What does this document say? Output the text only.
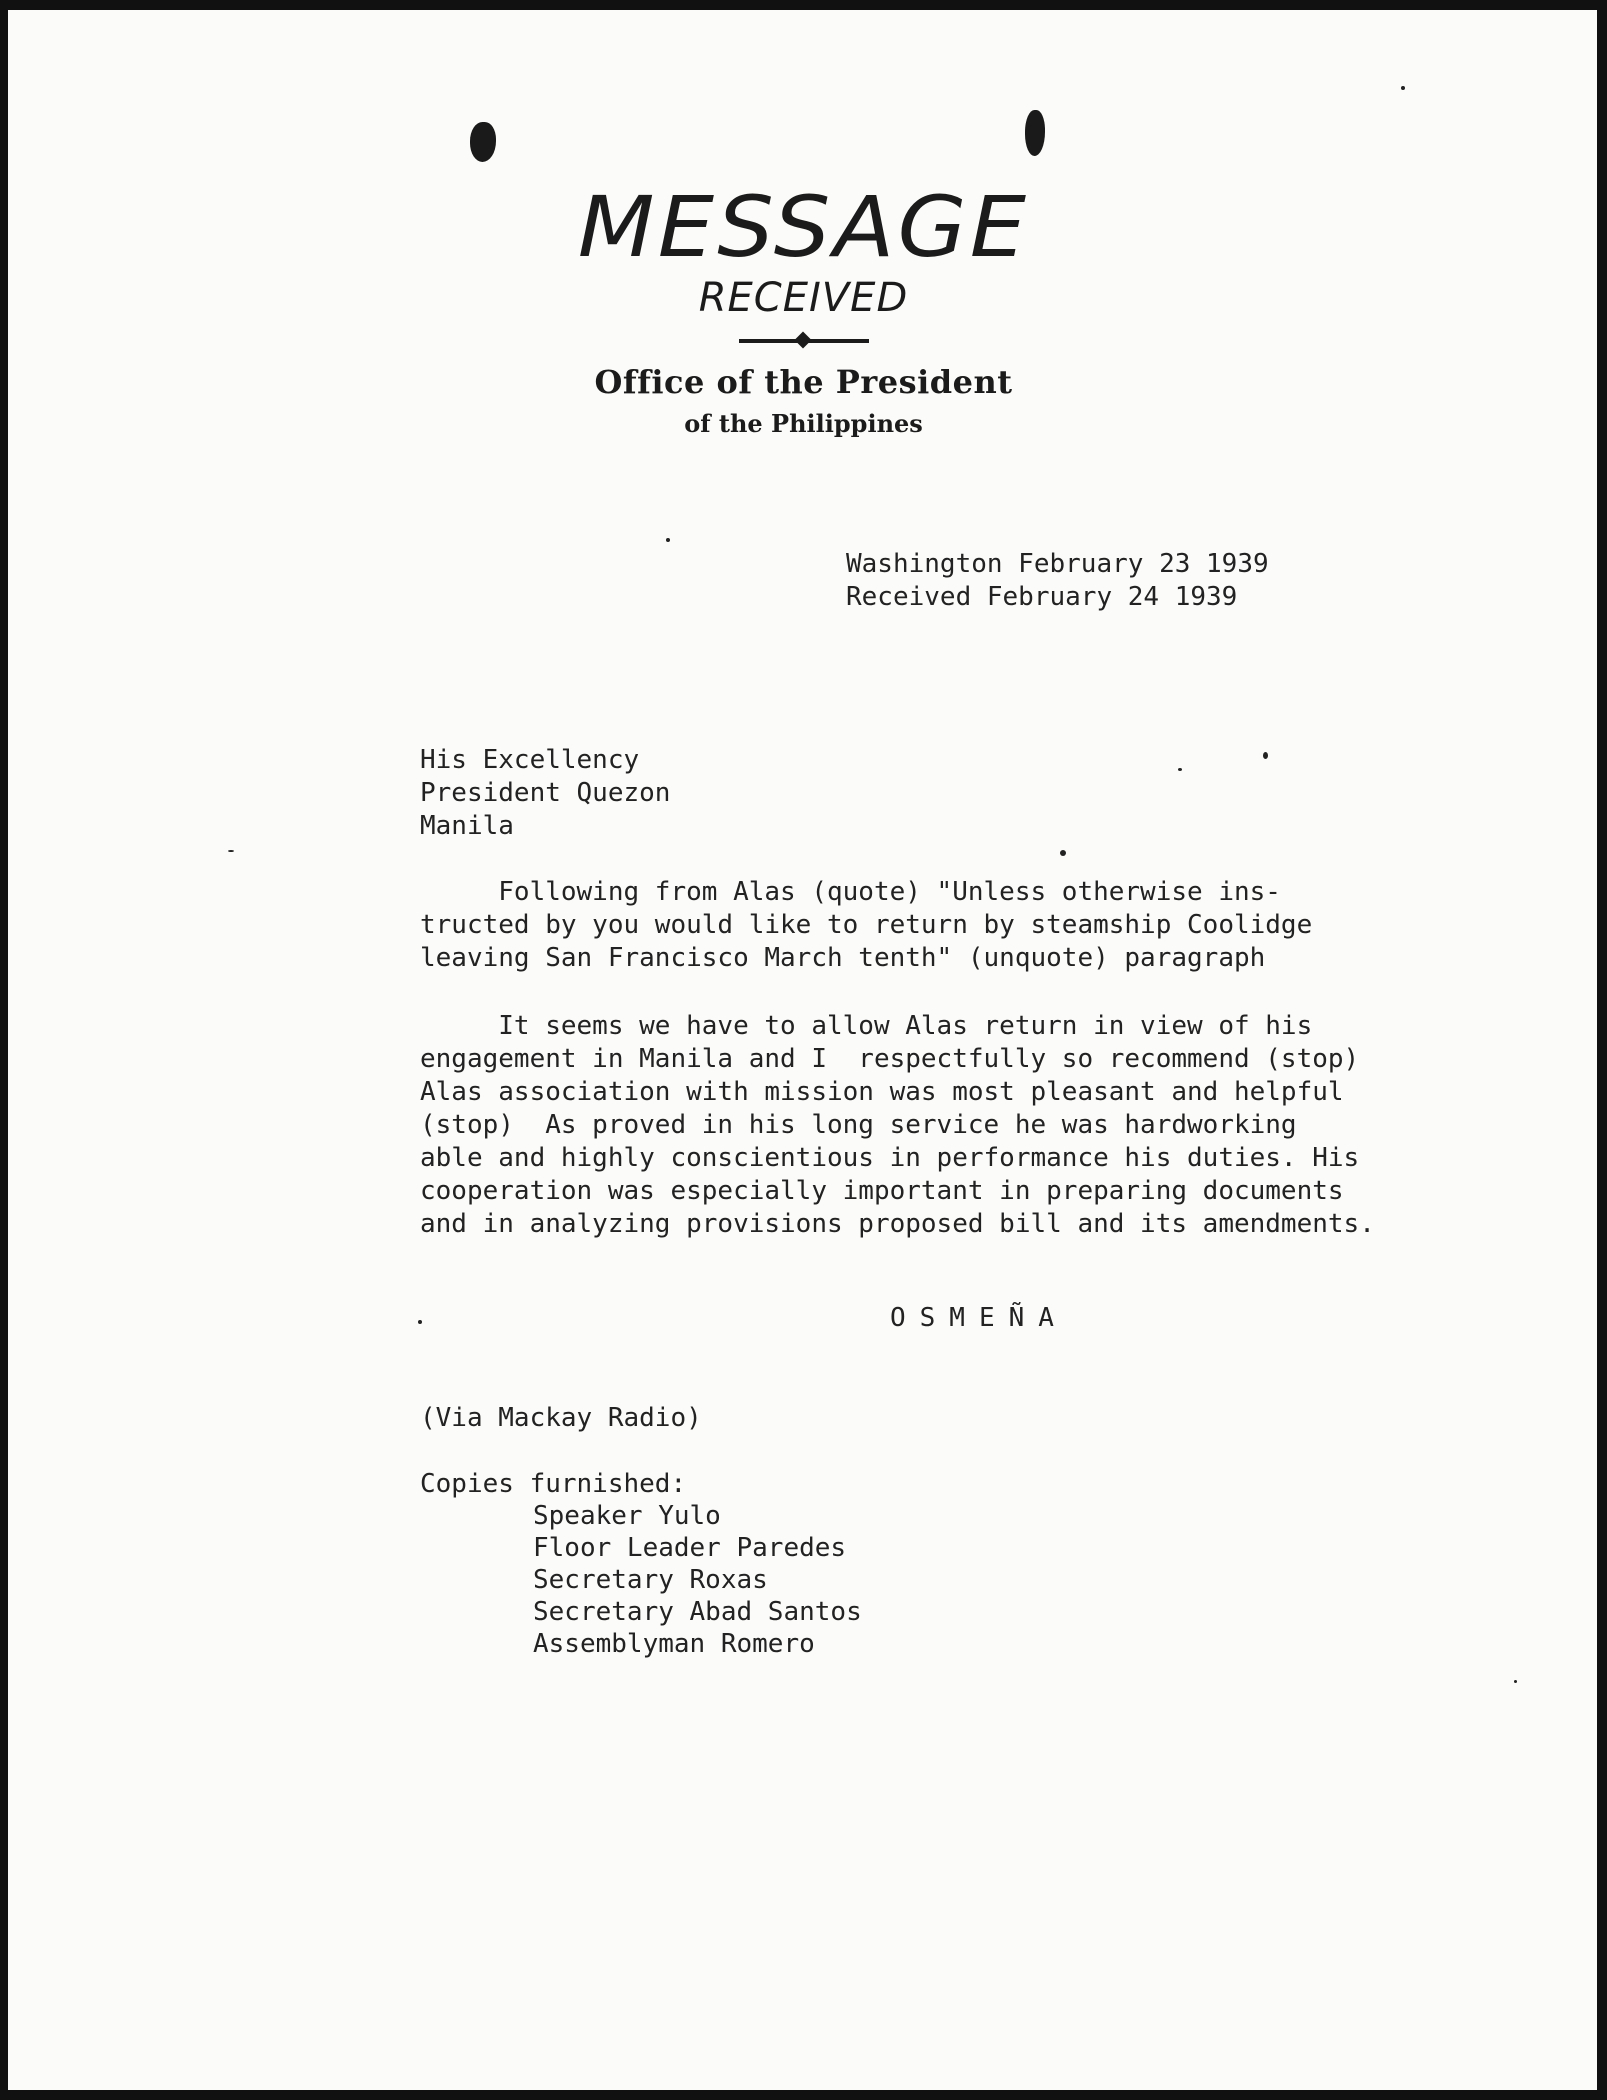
MESSAGE
RECEIVED
Office of the President
of the Philippines
Washington February 23 1939
Received February 24 1939
His Excellency
President Quezon
Manila
Following from Alas (quote) "Unless otherwise ins-
tructed by you would like to return by steamship Coolidge
leaving San Francisco March tenth" (unquote) paragraph
It seems we have to allow Alas return in view of his
engagement in Manila and I  respectfully so recommend (stop)
Alas association with mission was most pleasant and helpful
(stop)  As proved in his long service he was hardworking
able and highly conscientious in performance his duties. His
cooperation was especially important in preparing documents
and in analyzing provisions proposed bill and its amendments.
OSMEÑA
(Via Mackay Radio)
Copies furnished:
Speaker Yulo
Floor Leader Paredes
Secretary Roxas
Secretary Abad Santos
Assemblyman Romero
